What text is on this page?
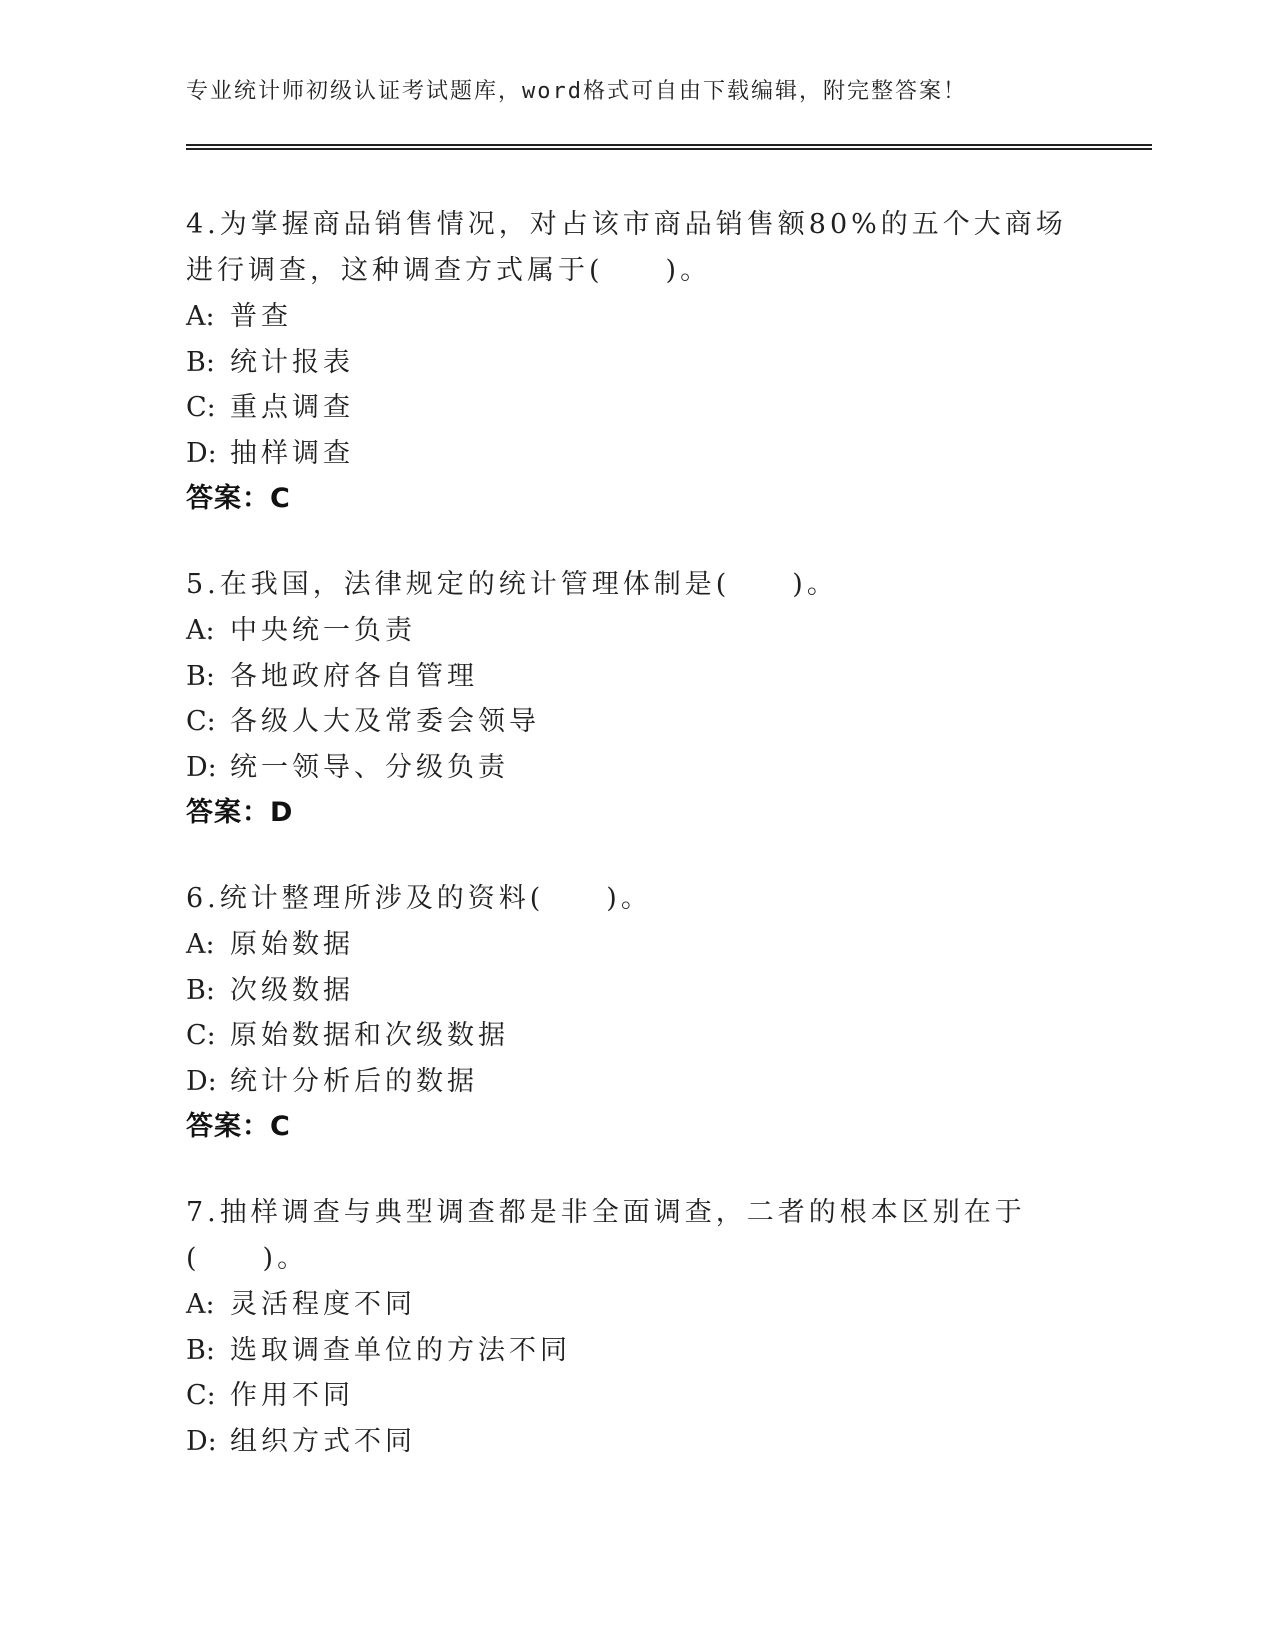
专业统计师初级认证考试题库，word格式可自由下载编辑，附完整答案！
4.为掌握商品销售情况，对占该市商品销售额80%的五个大商场进行调查，这种调查方式属于(　　)。
A: 普查
B: 统计报表
C: 重点调查
D: 抽样调查
答案：C
5.在我国，法律规定的统计管理体制是(　　)。
A: 中央统一负责
B: 各地政府各自管理
C: 各级人大及常委会领导
D: 统一领导、分级负责
答案：D
6.统计整理所涉及的资料(　　)。
A: 原始数据
B: 次级数据
C: 原始数据和次级数据
D: 统计分析后的数据
答案：C
7.抽样调查与典型调查都是非全面调查，二者的根本区别在于(　　)。
A: 灵活程度不同
B: 选取调查单位的方法不同
C: 作用不同
D: 组织方式不同
